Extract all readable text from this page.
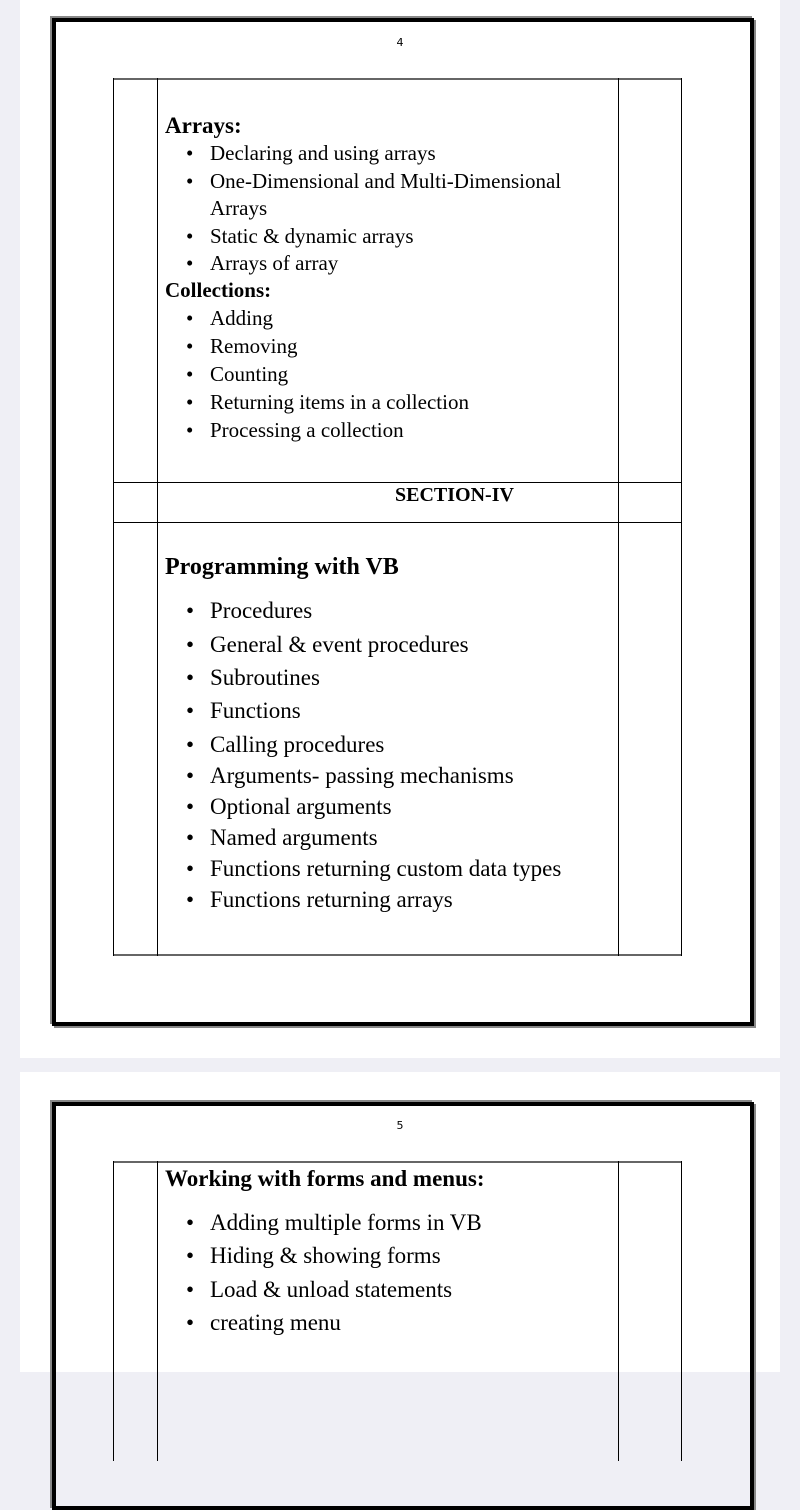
4
Arrays:
• Declaring and using arrays
• One-Dimensional and Multi-Dimensional
Arrays
• Static & dynamic arrays
• Arrays of array
Collections:
• Adding
• Removing
• Counting
• Returning items in a collection
• Processing a collection
SECTION-IV
Programming with VB
• Procedures
• General & event procedures
• Subroutines
• Functions
• Calling procedures
• Arguments- passing mechanisms
• Optional arguments
• Named arguments
• Functions returning custom data types
• Functions returning arrays
5
Working with forms and menus:
• Adding multiple forms in VB
• Hiding & showing forms
• Load & unload statements
• creating menu
